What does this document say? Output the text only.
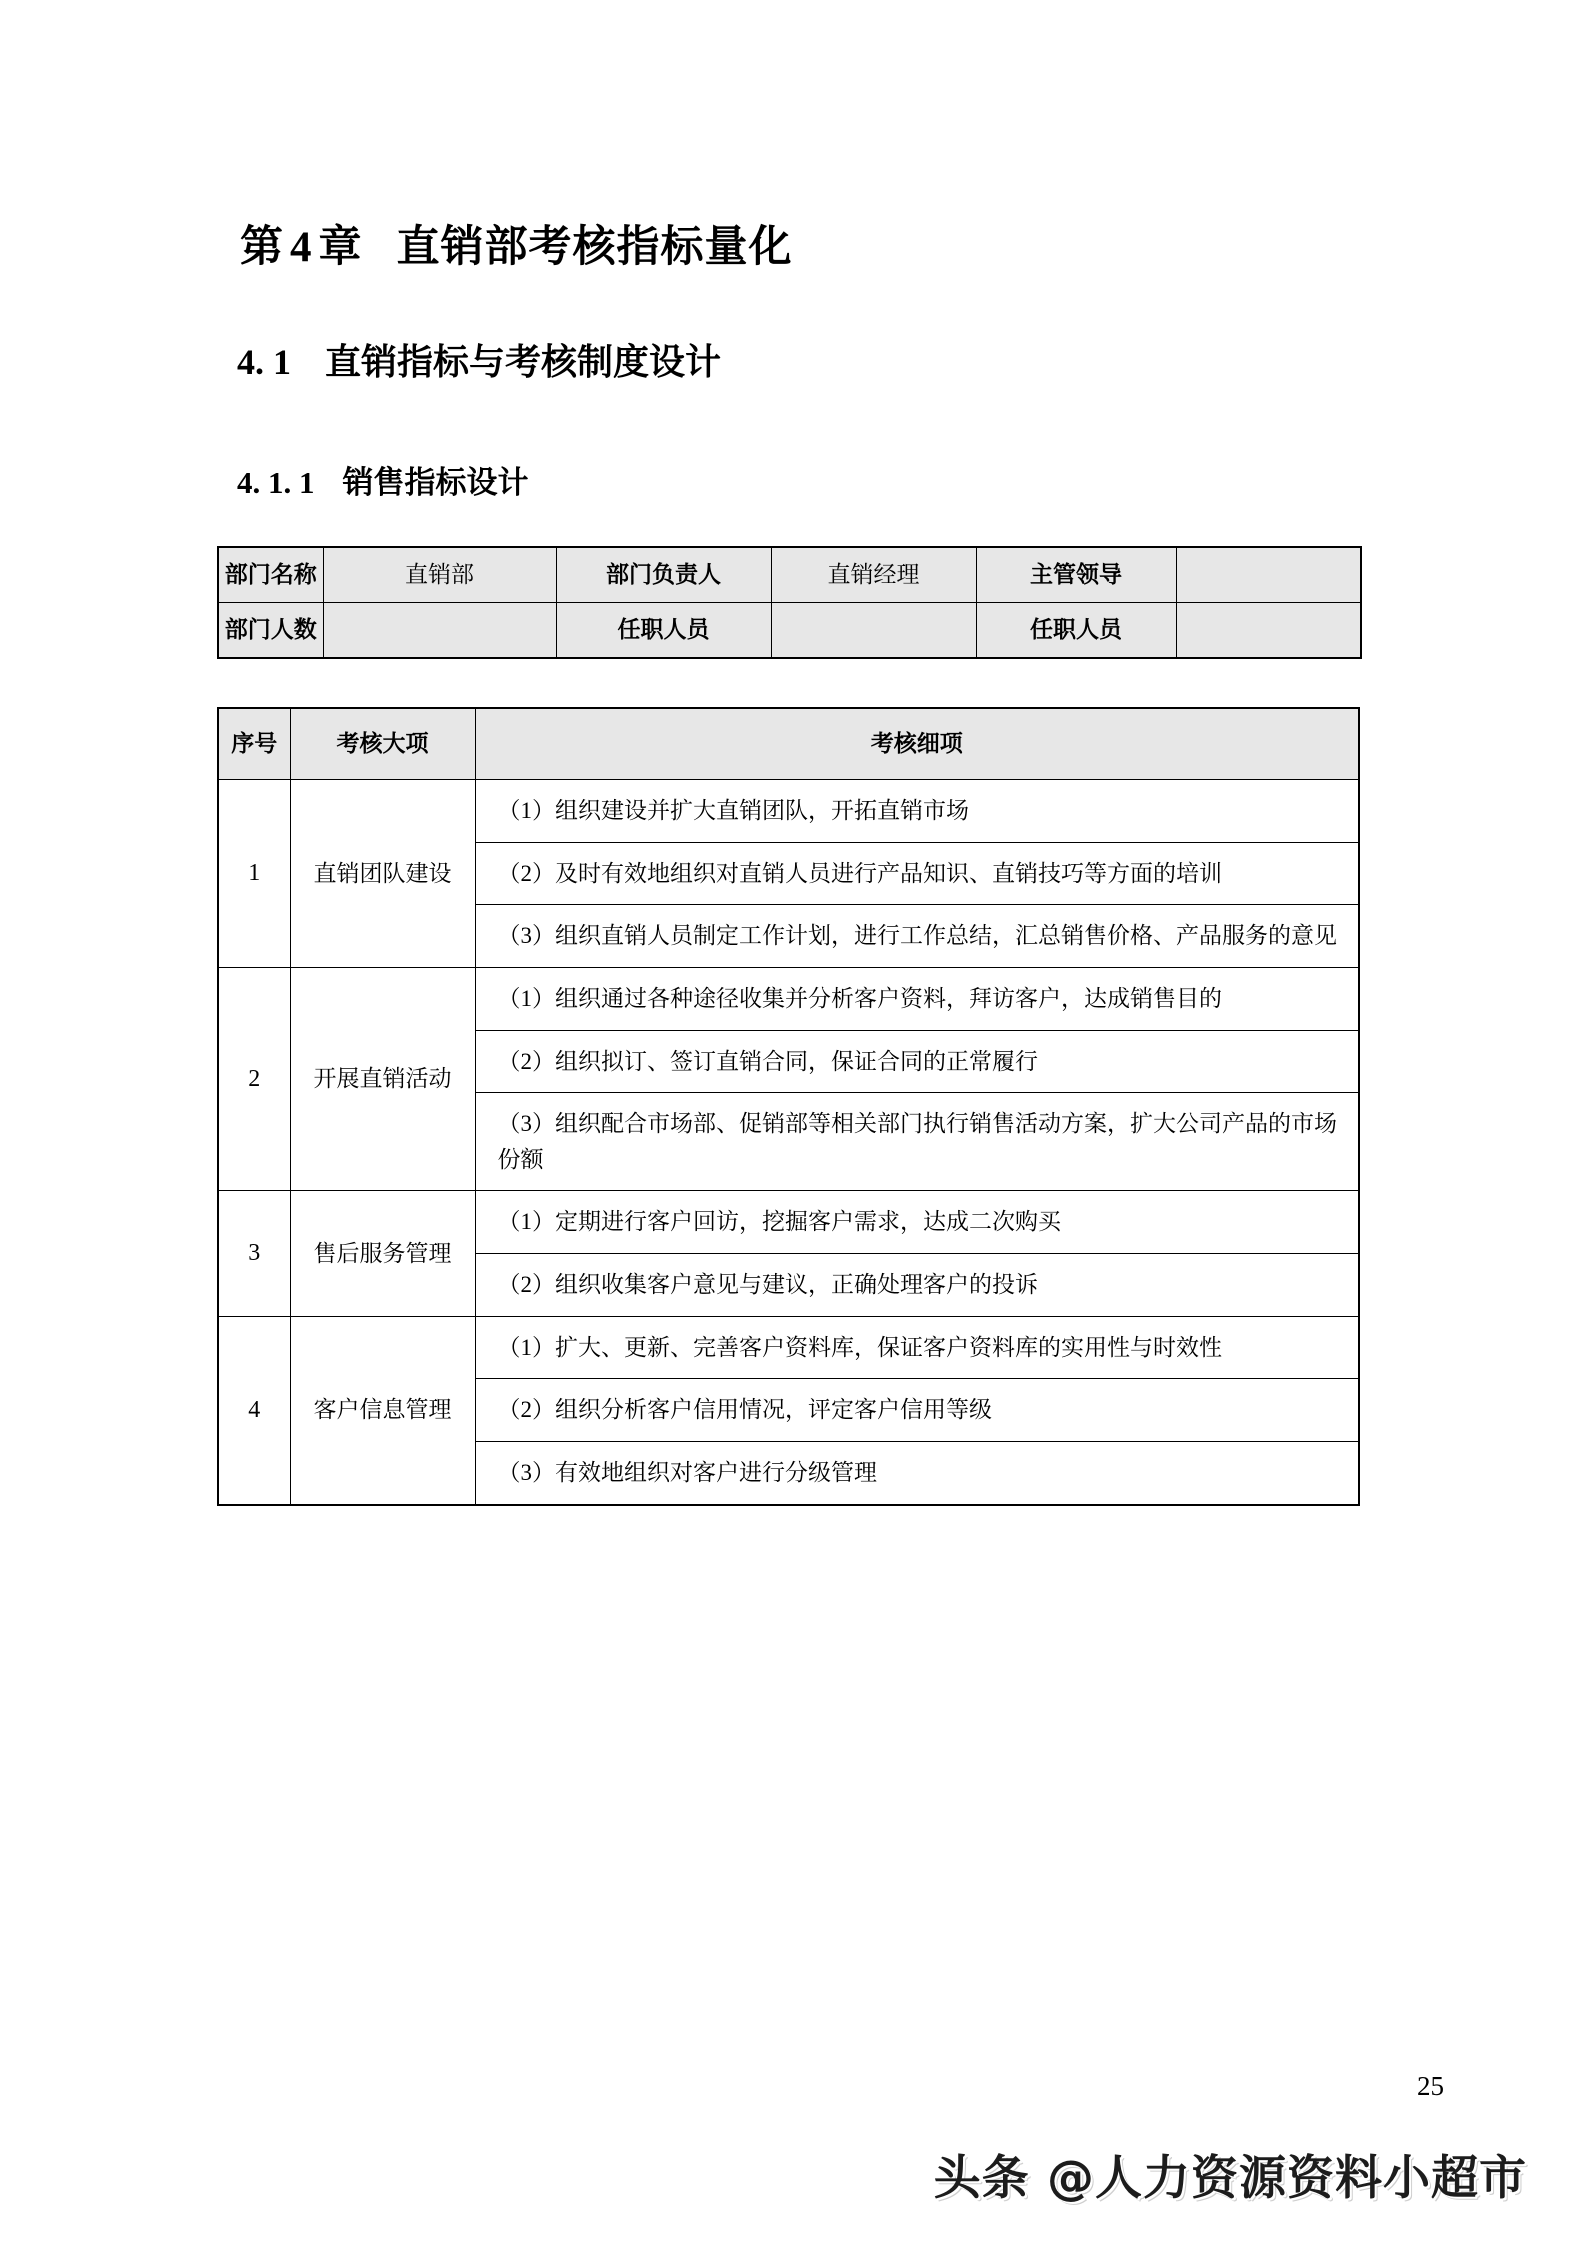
第 4 章 直销部考核指标量化
4. 1 直销指标与考核制度设计
4. 1. 1 销售指标设计
部门名称	直销部	部门负责人	直销经理	主管领导	
部门人数		任职人员		任职人员	
序号	考核大项	考核细项
1	直销团队建设	（1）组织建设并扩大直销团队，开拓直销市场
		（2）及时有效地组织对直销人员进行产品知识、直销技巧等方面的培训
		（3）组织直销人员制定工作计划，进行工作总结，汇总销售价格、产品服务的意见
2	开展直销活动	（1）组织通过各种途径收集并分析客户资料，拜访客户，达成销售目的
		（2）组织拟订、签订直销合同，保证合同的正常履行
		（3）组织配合市场部、促销部等相关部门执行销售活动方案，扩大公司产品的市场份额
3	售后服务管理	（1）定期进行客户回访，挖掘客户需求，达成二次购买
		（2）组织收集客户意见与建议，正确处理客户的投诉
4	客户信息管理	（1）扩大、更新、完善客户资料库，保证客户资料库的实用性与时效性
		（2）组织分析客户信用情况，评定客户信用等级
		（3）有效地组织对客户进行分级管理
25
头条 @人力资源资料小超市
